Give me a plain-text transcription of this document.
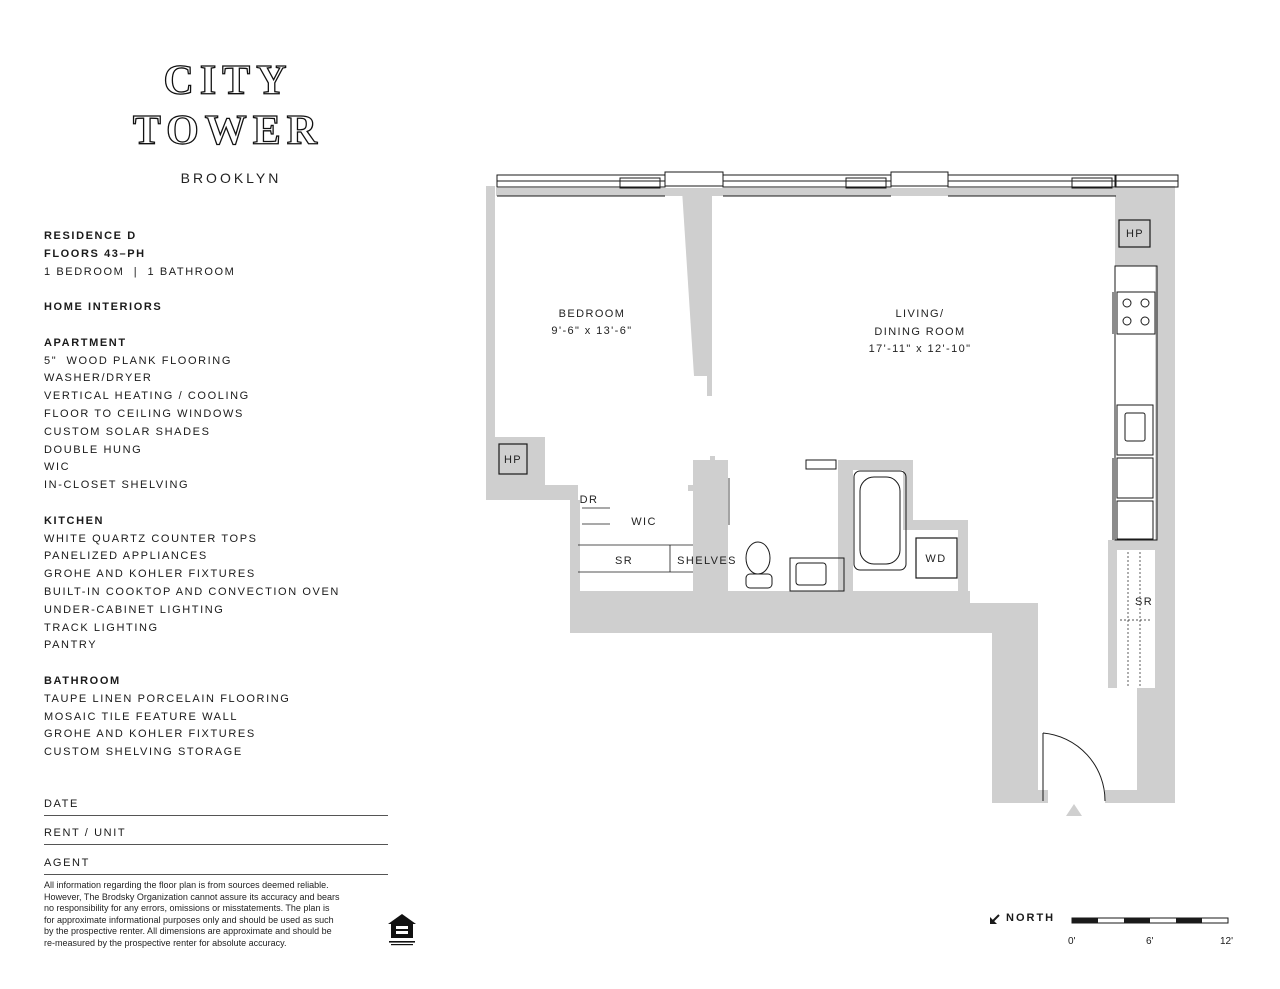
CITY
TOWER
BROOKLYN
RESIDENCE D
FLOORS 43–PH
1 BEDROOM  |  1 BATHROOM
HOME INTERIORS
APARTMENT
5"  WOOD PLANK FLOORING
WASHER/DRYER
VERTICAL HEATING / COOLING
FLOOR TO CEILING WINDOWS
CUSTOM SOLAR SHADES
DOUBLE HUNG
WIC
IN-CLOSET SHELVING
KITCHEN
WHITE QUARTZ COUNTER TOPS
PANELIZED APPLIANCES
GROHE AND KOHLER FIXTURES
BUILT-IN COOKTOP AND CONVECTION OVEN
UNDER-CABINET LIGHTING
TRACK LIGHTING
PANTRY
BATHROOM
TAUPE LINEN PORCELAIN FLOORING
MOSAIC TILE FEATURE WALL
GROHE AND KOHLER FIXTURES
CUSTOM SHELVING STORAGE
DATE
RENT / UNIT
AGENT
All information regarding the floor plan is from sources deemed reliable.
However, The Brodsky Organization cannot assure its accuracy and bears
no responsibility for any errors, omissions or misstatements. The plan is
for approximate informational purposes only and should be used as such
by the prospective renter. All dimensions are approximate and should be
re-measured by the prospective renter for absolute accuracy.
HP
HP
WD
BEDROOM
9'-6" x 13'-6"
LIVING/
DINING ROOM
17'-11" x 12'-10"
DR
WIC
SR	SHELVES
SR
NORTH
0'	6'	12'
